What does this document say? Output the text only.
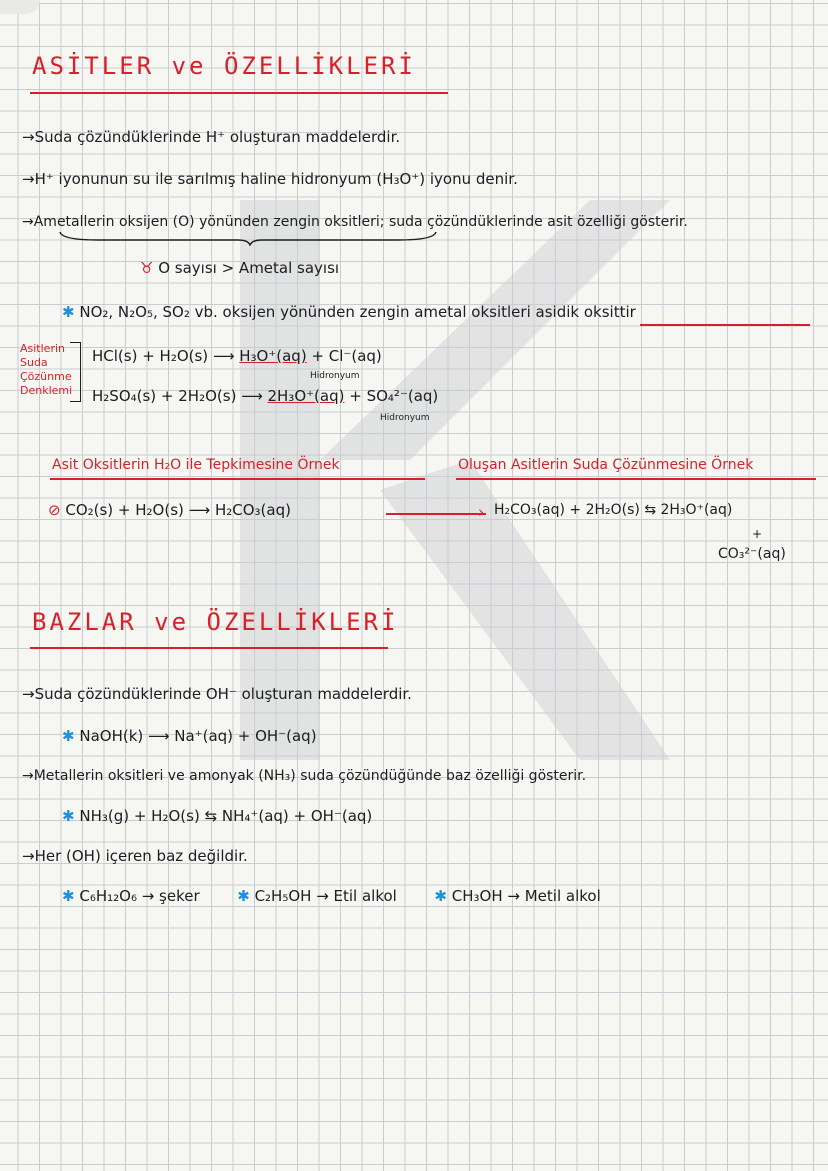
ASİTLER ve ÖZELLİKLERİ
→Suda çözündüklerinde H⁺ oluşturan maddelerdir.
→H⁺ iyonunun su ile sarılmış haline hidronyum (H₃O⁺) iyonu denir.
→Ametallerin oksijen (O) yönünden zengin oksitleri; suda çözündüklerinde asit özelliği gösterir.
♉ O sayısı > Ametal sayısı
✱ NO₂, N₂O₅, SO₂ vb. oksijen yönünden zengin ametal oksitleri asidik oksittir
Asitlerin
Suda
Çözünme
Denklemi
HCl(s) + H₂O(s) ⟶ H₃O⁺(aq) + Cl⁻(aq)
Hidronyum
H₂SO₄(s) + 2H₂O(s) ⟶ 2H₃O⁺(aq) + SO₄²⁻(aq)
Hidronyum
Asit Oksitlerin H₂O ile Tepkimesine Örnek	Oluşan Asitlerin Suda Çözünmesine Örnek
⊘ CO₂(s) + H₂O(s) ⟶ H₂CO₃(aq)	› H₂CO₃(aq) + 2H₂O(s) ⇆ 2H₃O⁺(aq)
+
CO₃²⁻(aq)
BAZLAR ve ÖZELLİKLERİ
→Suda çözündüklerinde OH⁻ oluşturan maddelerdir.
✱ NaOH(k) ⟶ Na⁺(aq) + OH⁻(aq)
→Metallerin oksitleri ve amonyak (NH₃) suda çözündüğünde baz özelliği gösterir.
✱ NH₃(g) + H₂O(s) ⇆ NH₄⁺(aq) + OH⁻(aq)
→Her (OH) içeren baz değildir.
✱ C₆H₁₂O₆ → şeker	✱ C₂H₅OH → Etil alkol	✱ CH₃OH → Metil alkol
